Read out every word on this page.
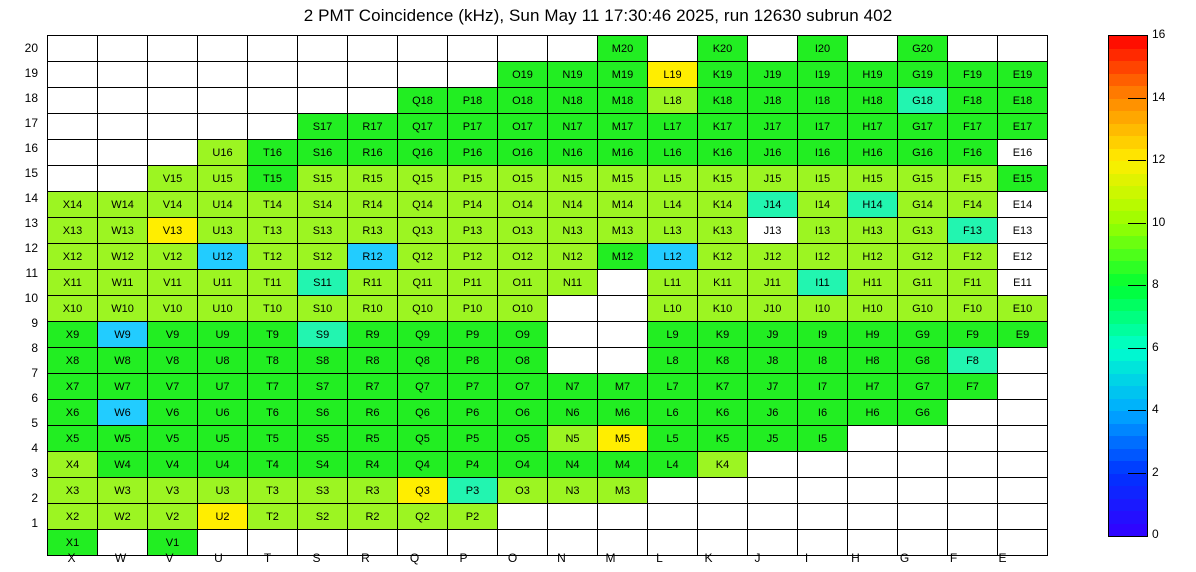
2 PMT Coincidence (kHz), Sun May 11 17:30:46 2025, run 12630 subrun 402
											M20		K20		I20		G20		
									O19	N19	M19	L19	K19	J19	I19	H19	G19	F19	E19
							Q18	P18	O18	N18	M18	L18	K18	J18	I18	H18	G18	F18	E18
					S17	R17	Q17	P17	O17	N17	M17	L17	K17	J17	I17	H17	G17	F17	E17
			U16	T16	S16	R16	Q16	P16	O16	N16	M16	L16	K16	J16	I16	H16	G16	F16	E16
		V15	U15	T15	S15	R15	Q15	P15	O15	N15	M15	L15	K15	J15	I15	H15	G15	F15	E15
X14	W14	V14	U14	T14	S14	R14	Q14	P14	O14	N14	M14	L14	K14	J14	I14	H14	G14	F14	E14
X13	W13	V13	U13	T13	S13	R13	Q13	P13	O13	N13	M13	L13	K13	J13	I13	H13	G13	F13	E13
X12	W12	V12	U12	T12	S12	R12	Q12	P12	O12	N12	M12	L12	K12	J12	I12	H12	G12	F12	E12
X11	W11	V11	U11	T11	S11	R11	Q11	P11	O11	N11		L11	K11	J11	I11	H11	G11	F11	E11
X10	W10	V10	U10	T10	S10	R10	Q10	P10	O10			L10	K10	J10	I10	H10	G10	F10	E10
X9	W9	V9	U9	T9	S9	R9	Q9	P9	O9			L9	K9	J9	I9	H9	G9	F9	E9
X8	W8	V8	U8	T8	S8	R8	Q8	P8	O8			L8	K8	J8	I8	H8	G8	F8	
X7	W7	V7	U7	T7	S7	R7	Q7	P7	O7	N7	M7	L7	K7	J7	I7	H7	G7	F7	
X6	W6	V6	U6	T6	S6	R6	Q6	P6	O6	N6	M6	L6	K6	J6	I6	H6	G6		
X5	W5	V5	U5	T5	S5	R5	Q5	P5	O5	N5	M5	L5	K5	J5	I5				
X4	W4	V4	U4	T4	S4	R4	Q4	P4	O4	N4	M4	L4	K4						
X3	W3	V3	U3	T3	S3	R3	Q3	P3	O3	N3	M3								
X2	W2	V2	U2	T2	S2	R2	Q2	P2											
X1		V1																	
20
19
18
17
16
15
14
13
12
11
10
9
8
7
6
5
4
3
2
1
X	W	V	U	T	S	R	Q	P	O	N	M	L	K	J	I	H	G	F	E
0
2
4
6
8
10
12
14
16
